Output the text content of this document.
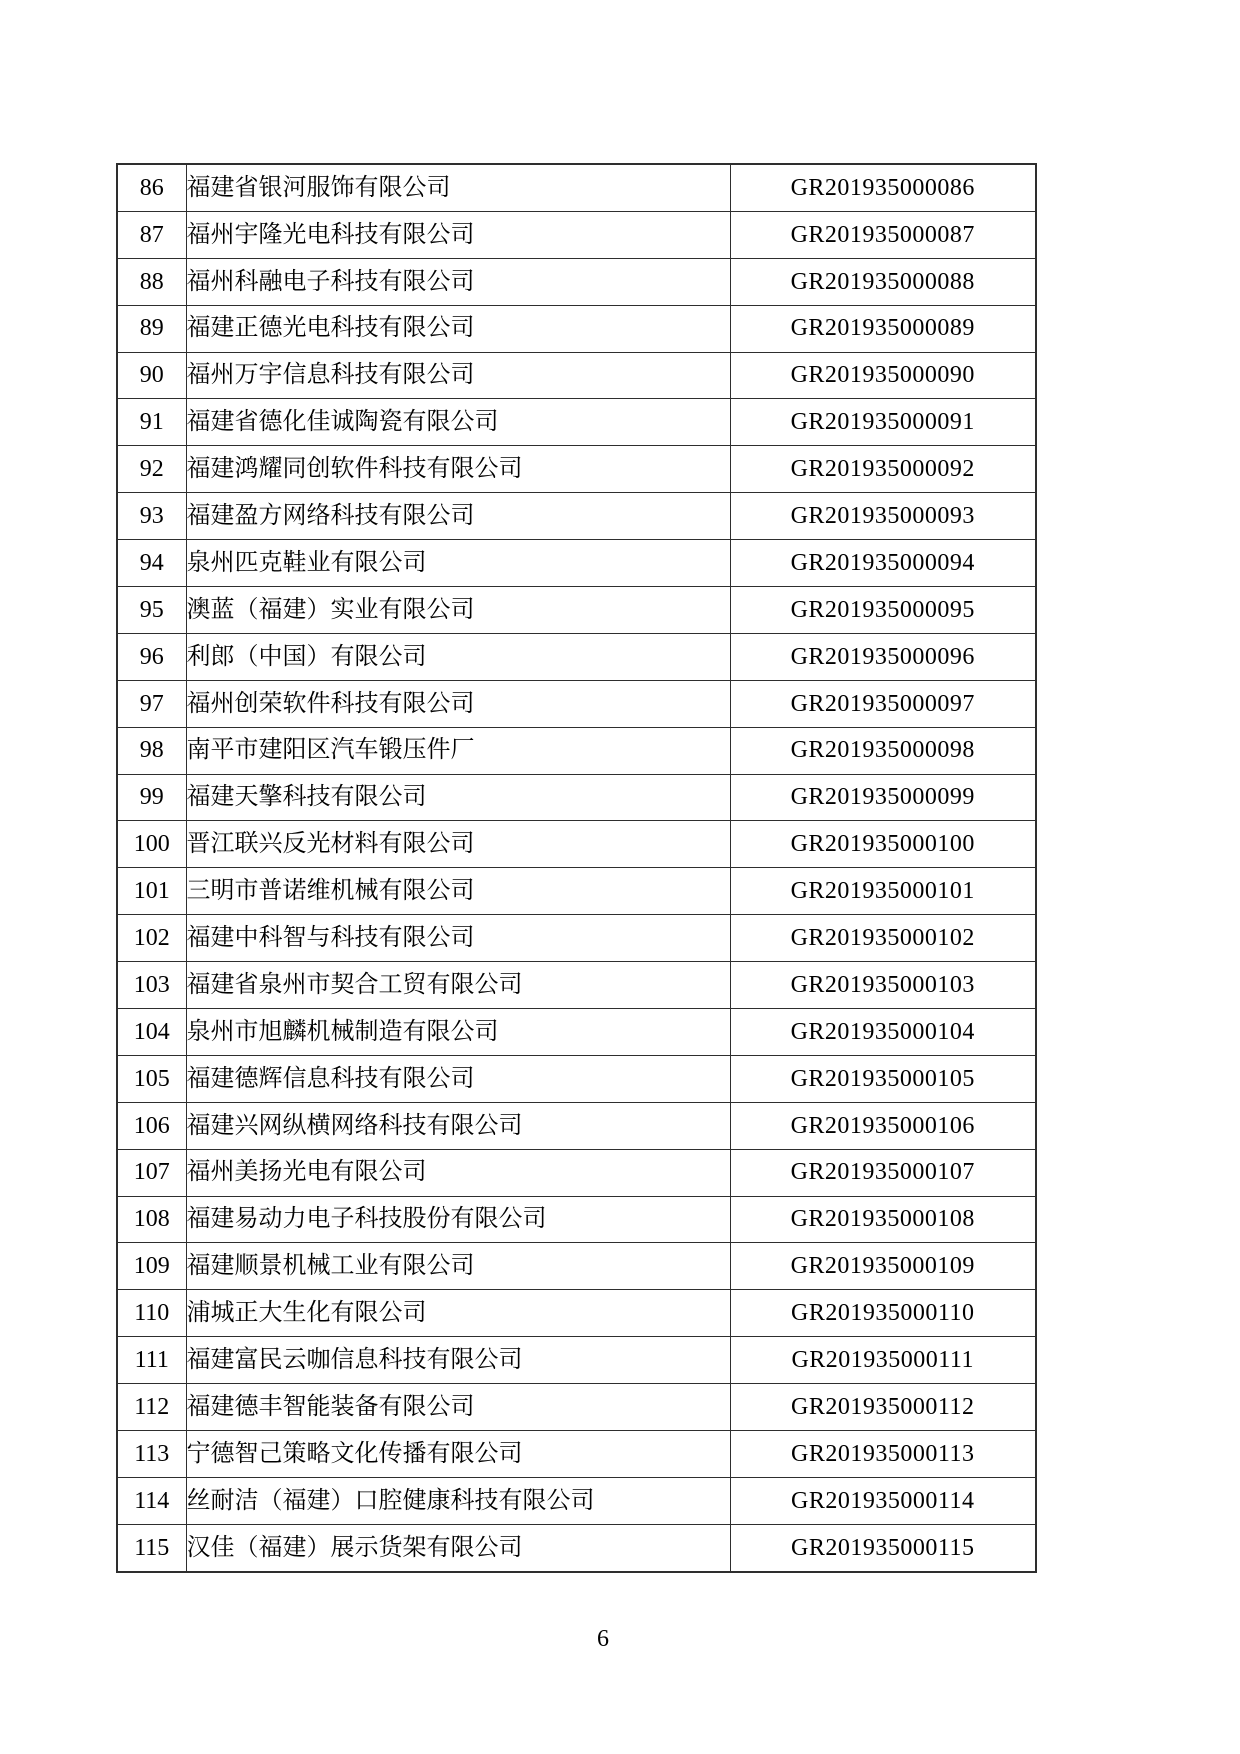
86	福建省银河服饰有限公司	GR201935000086
87	福州宇隆光电科技有限公司	GR201935000087
88	福州科融电子科技有限公司	GR201935000088
89	福建正德光电科技有限公司	GR201935000089
90	福州万宇信息科技有限公司	GR201935000090
91	福建省德化佳诚陶瓷有限公司	GR201935000091
92	福建鸿耀同创软件科技有限公司	GR201935000092
93	福建盈方网络科技有限公司	GR201935000093
94	泉州匹克鞋业有限公司	GR201935000094
95	澳蓝（福建）实业有限公司	GR201935000095
96	利郎（中国）有限公司	GR201935000096
97	福州创荣软件科技有限公司	GR201935000097
98	南平市建阳区汽车锻压件厂	GR201935000098
99	福建天擎科技有限公司	GR201935000099
100	晋江联兴反光材料有限公司	GR201935000100
101	三明市普诺维机械有限公司	GR201935000101
102	福建中科智与科技有限公司	GR201935000102
103	福建省泉州市契合工贸有限公司	GR201935000103
104	泉州市旭麟机械制造有限公司	GR201935000104
105	福建德辉信息科技有限公司	GR201935000105
106	福建兴网纵横网络科技有限公司	GR201935000106
107	福州美扬光电有限公司	GR201935000107
108	福建易动力电子科技股份有限公司	GR201935000108
109	福建顺景机械工业有限公司	GR201935000109
110	浦城正大生化有限公司	GR201935000110
111	福建富民云咖信息科技有限公司	GR201935000111
112	福建德丰智能装备有限公司	GR201935000112
113	宁德智己策略文化传播有限公司	GR201935000113
114	丝耐洁（福建）口腔健康科技有限公司	GR201935000114
115	汉佳（福建）展示货架有限公司	GR201935000115
6
